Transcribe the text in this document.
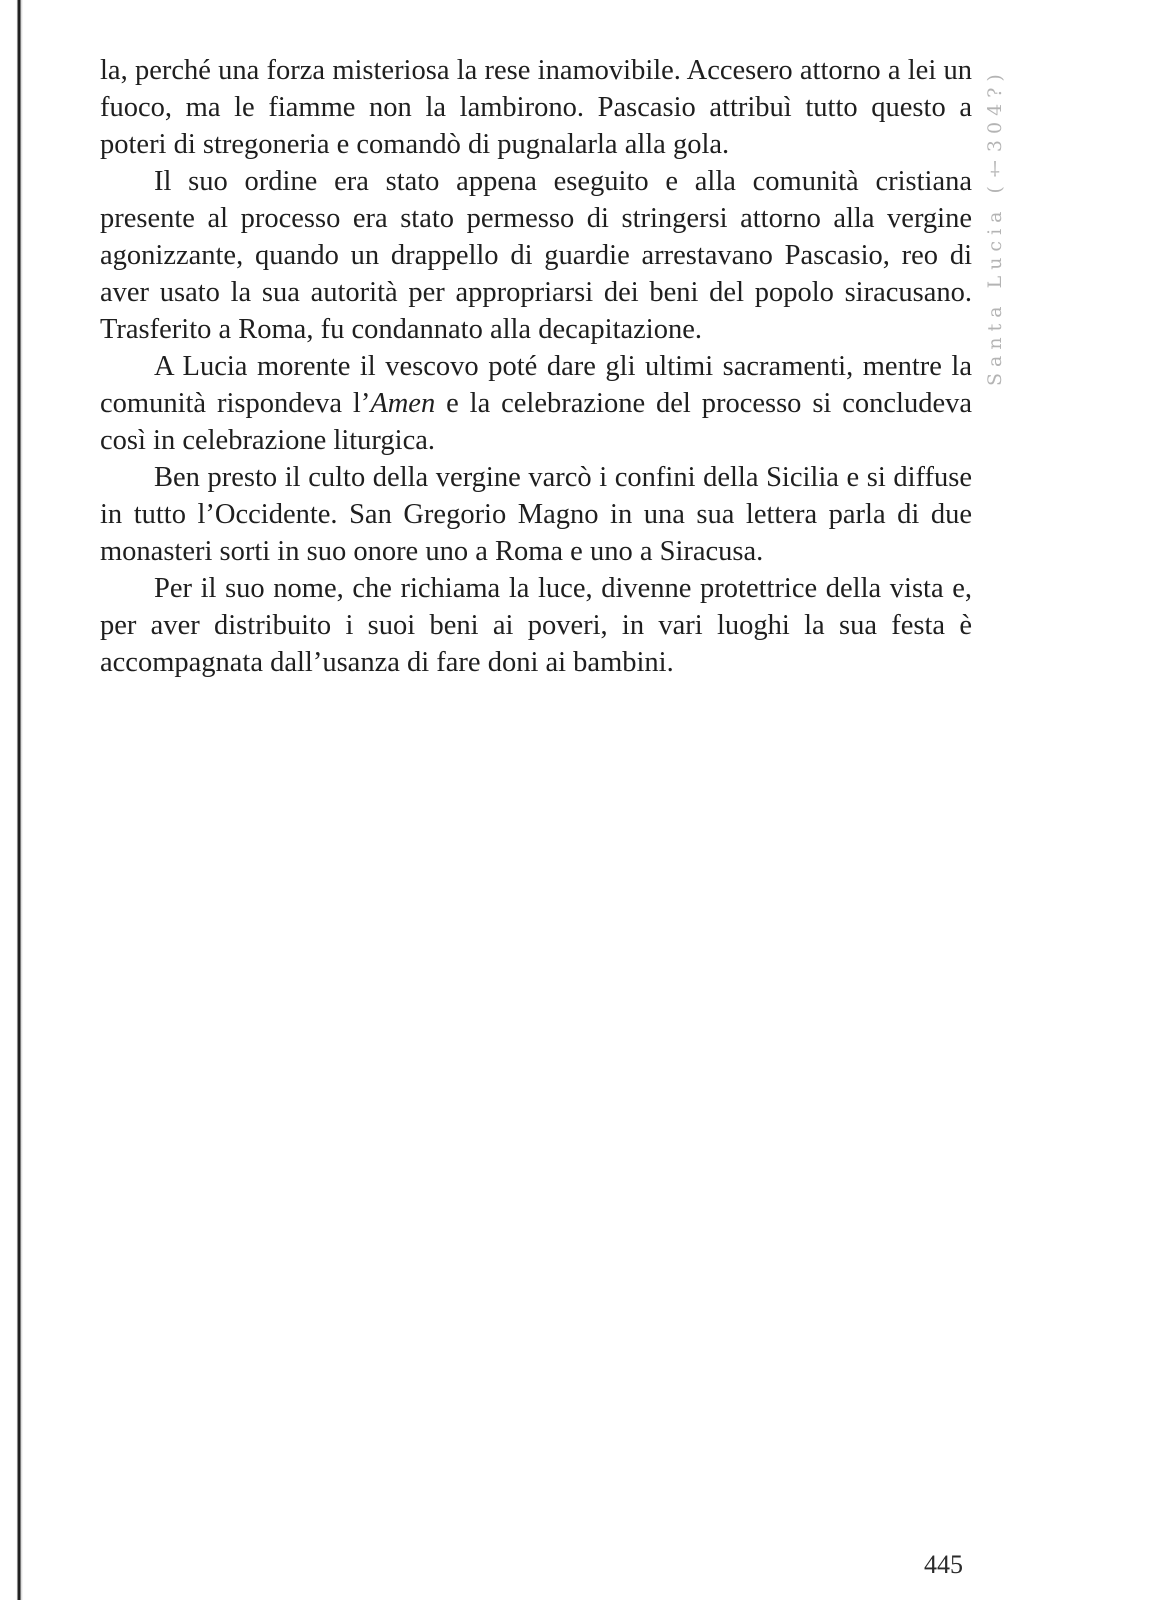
la, perché una forza misteriosa la rese inamovibile. Accesero attorno a lei un fuoco, ma le fiamme non la lambirono. Pascasio attribuì tutto questo a poteri di stregoneria e comandò di pugnalarla alla gola.

Il suo ordine era stato appena eseguito e alla comunità cristiana presente al processo era stato permesso di stringersi attorno alla vergine agonizzante, quando un drappello di guardie arrestavano Pascasio, reo di aver usato la sua autorità per appropriarsi dei beni del popolo siracusano. Trasferito a Roma, fu condannato alla decapitazione.

A Lucia morente il vescovo poté dare gli ultimi sacramenti, mentre la comunità rispondeva l’Amen e la celebrazione del processo si concludeva così in celebrazione liturgica.

Ben presto il culto della vergine varcò i confini della Sicilia e si diffuse in tutto l’Occidente. San Gregorio Magno in una sua lettera parla di due monasteri sorti in suo onore uno a Roma e uno a Siracusa.

Per il suo nome, che richiama la luce, divenne protettrice della vista e, per aver distribuito i suoi beni ai poveri, in vari luoghi la sua festa è accompagnata dall’usanza di fare doni ai bambini.

Santa Lucia (†304?)
445
